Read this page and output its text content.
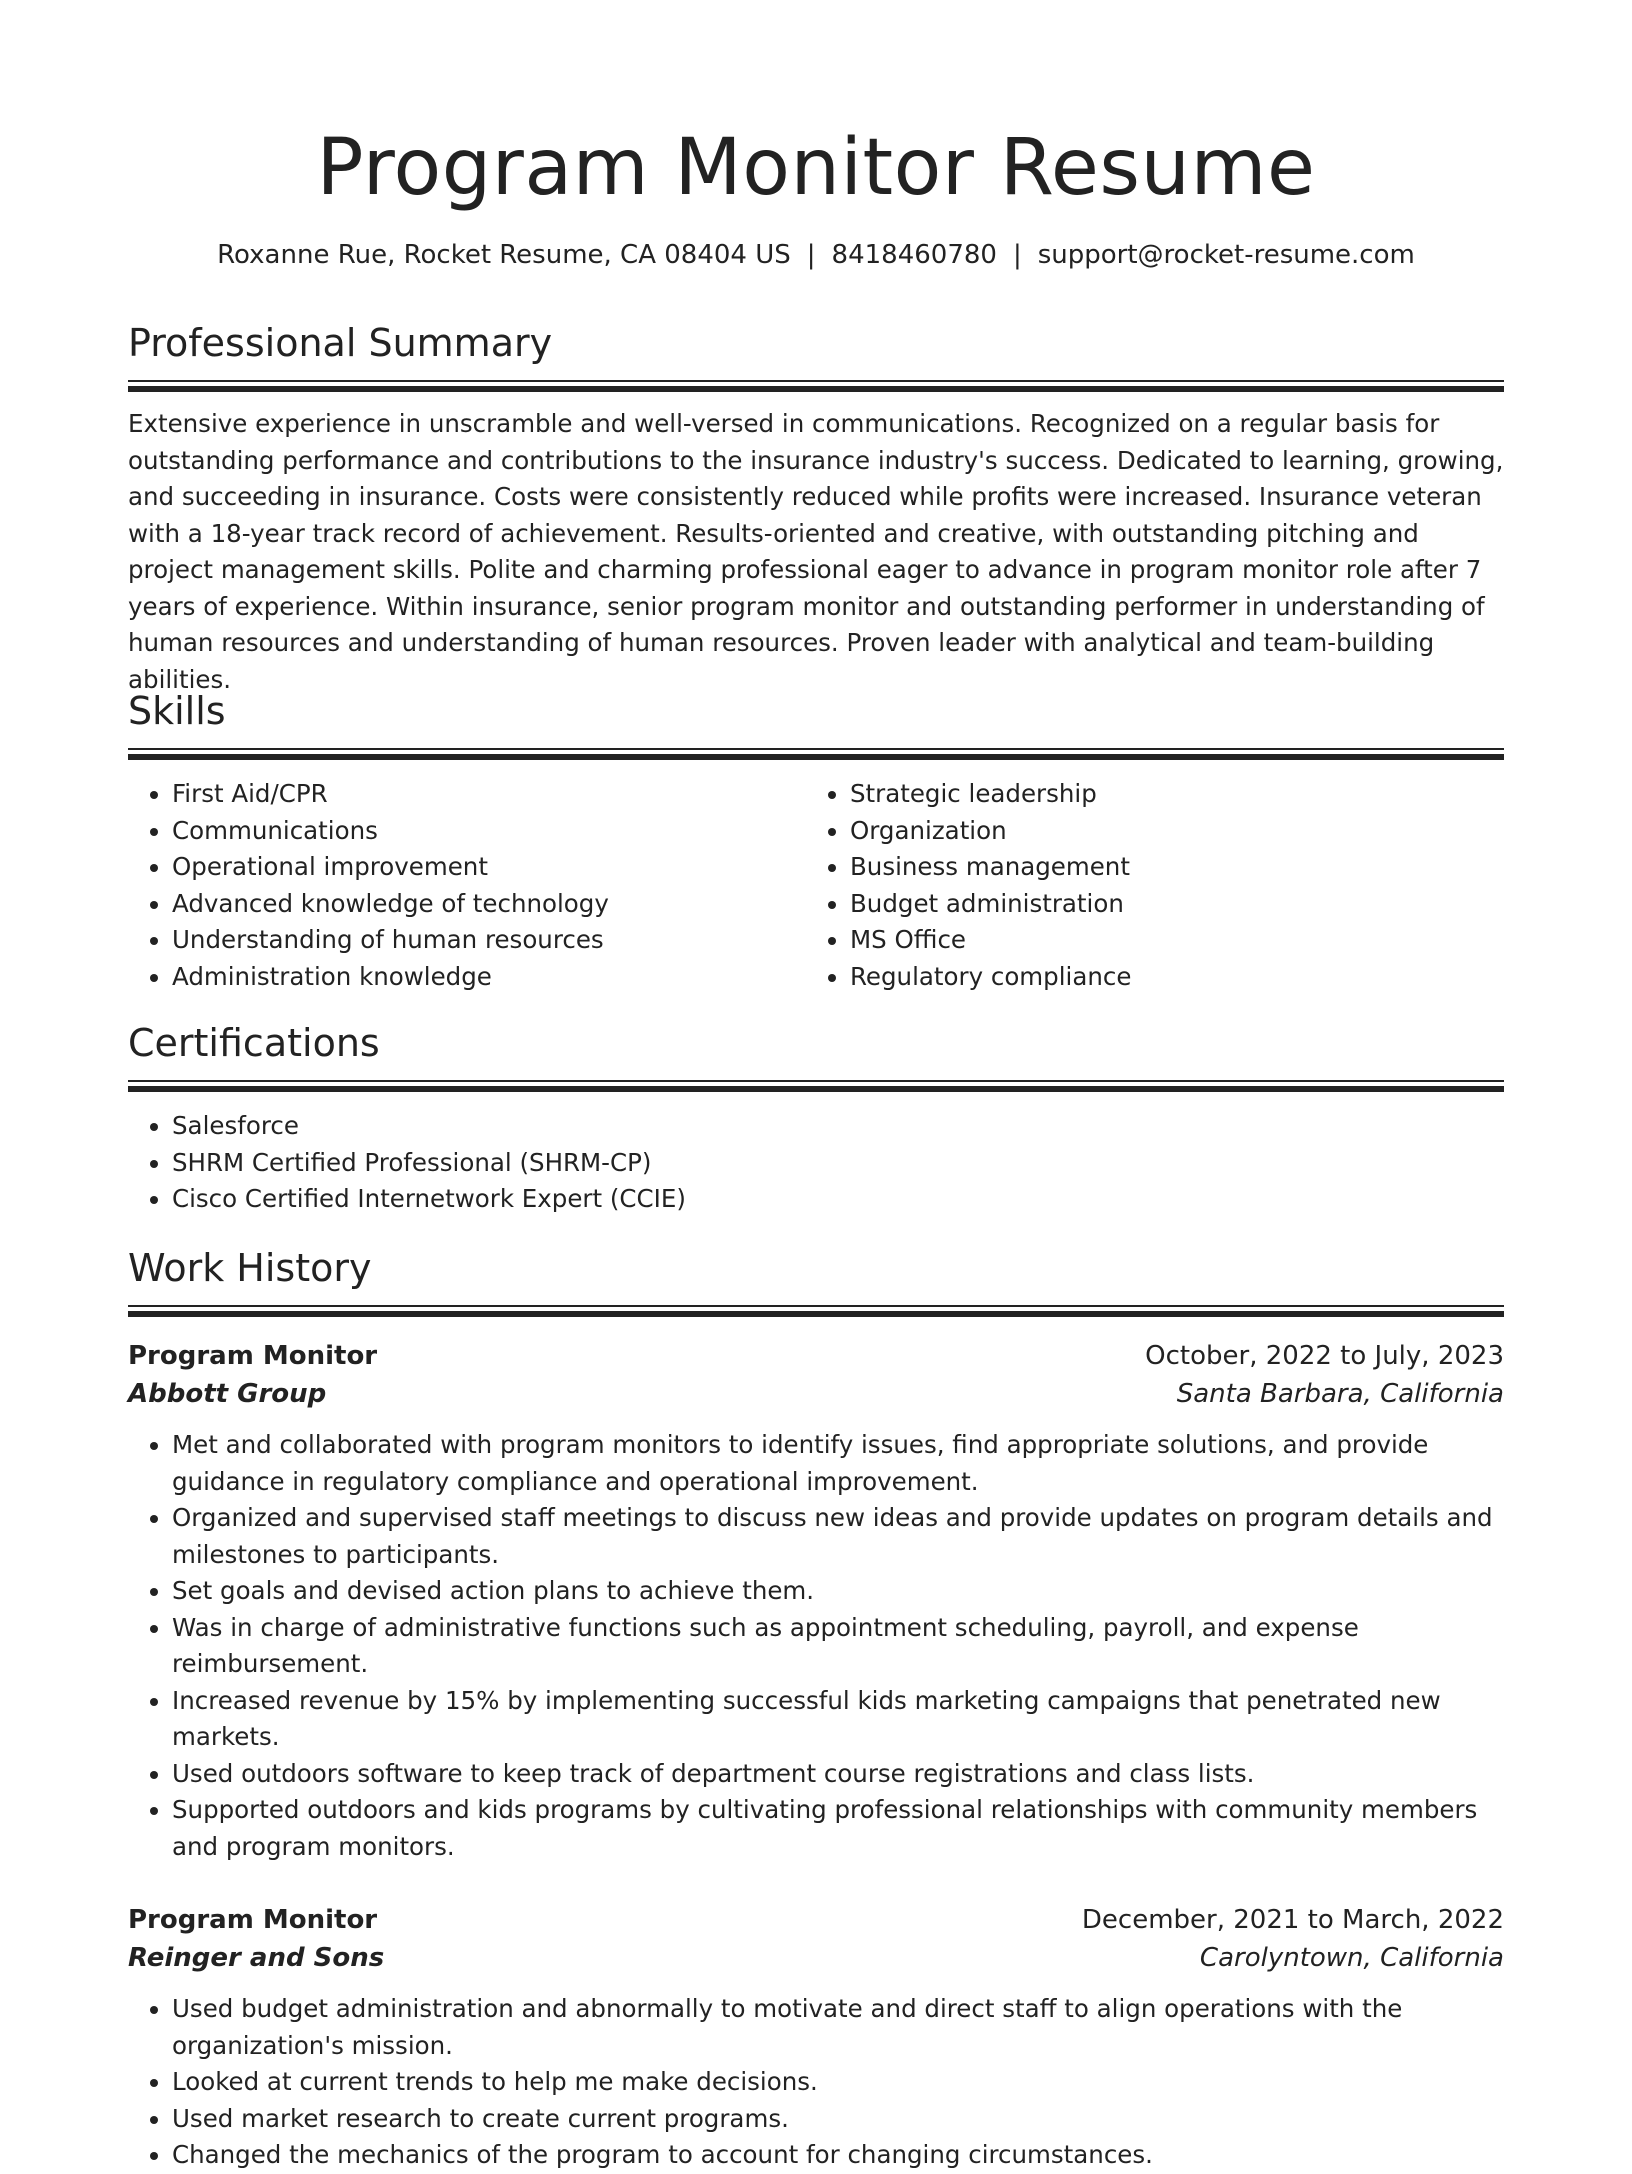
Program Monitor Resume
Roxanne Rue, Rocket Resume, CA 08404 US | 8418460780 | support@rocket-resume.com
Professional Summary

Extensive experience in unscramble and well-versed in communications. Recognized on a regular basis for outstanding performance and contributions to the insurance industry's success. Dedicated to learning, growing, and succeeding in insurance. Costs were consistently reduced while profits were increased. Insurance veteran with a 18-year track record of achievement. Results-oriented and creative, with outstanding pitching and project management skills. Polite and charming professional eager to advance in program monitor role after 7 years of experience. Within insurance, senior program monitor and outstanding performer in understanding of human resources and understanding of human resources. Proven leader with analytical and team-building abilities.

Skills
• First Aid/CPR
• Communications
• Operational improvement
• Advanced knowledge of technology
• Understanding of human resources
• Administration knowledge
• Strategic leadership
• Organization
• Business management
• Budget administration
• MS Office
• Regulatory compliance
Certifications
• Salesforce
• SHRM Certified Professional (SHRM-CP)
• Cisco Certified Internetwork Expert (CCIE)
Work History
Program Monitor	October, 2022 to July, 2023
Abbott Group	Santa Barbara, California
• Met and collaborated with program monitors to identify issues, find appropriate solutions, and provide guidance in regulatory compliance and operational improvement.
• Organized and supervised staff meetings to discuss new ideas and provide updates on program details and milestones to participants.
• Set goals and devised action plans to achieve them.
• Was in charge of administrative functions such as appointment scheduling, payroll, and expense reimbursement.
• Increased revenue by 15% by implementing successful kids marketing campaigns that penetrated new markets.
• Used outdoors software to keep track of department course registrations and class lists.
• Supported outdoors and kids programs by cultivating professional relationships with community members and program monitors.
Program Monitor	December, 2021 to March, 2022
Reinger and Sons	Carolyntown, California
• Used budget administration and abnormally to motivate and direct staff to align operations with the organization's mission.
• Looked at current trends to help me make decisions.
• Used market research to create current programs.
• Changed the mechanics of the program to account for changing circumstances.
